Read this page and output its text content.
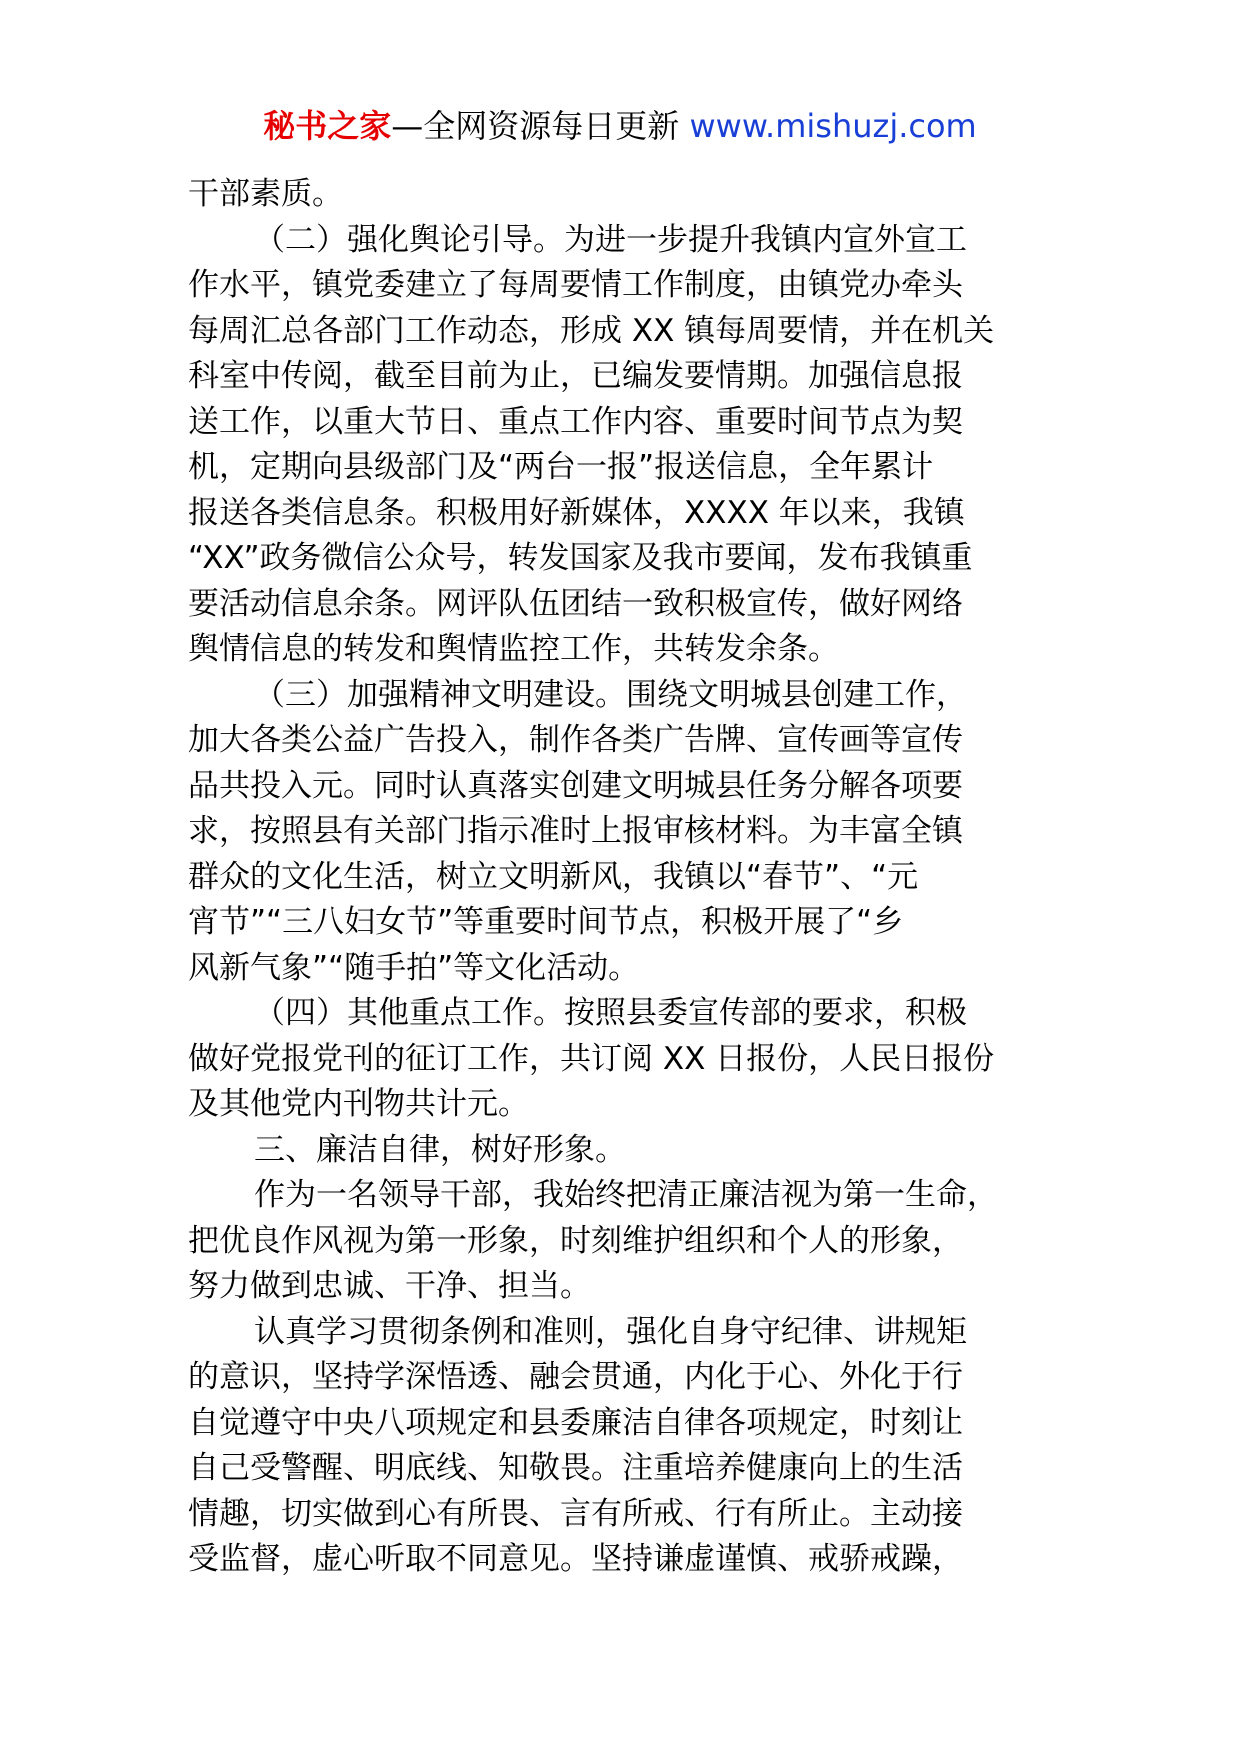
秘书之家—全网资源每日更新 www.mishuzj.com
干部素质。
（二）强化舆论引导。为进一步提升我镇内宣外宣工
作水平，镇党委建立了每周要情工作制度，由镇党办牵头
每周汇总各部门工作动态，形成 XX 镇每周要情，并在机关
科室中传阅，截至目前为止，已编发要情期。加强信息报
送工作，以重大节日、重点工作内容、重要时间节点为契
机，定期向县级部门及“两台一报”报送信息，全年累计
报送各类信息条。积极用好新媒体，XXXX 年以来，我镇
“XX”政务微信公众号，转发国家及我市要闻，发布我镇重
要活动信息余条。网评队伍团结一致积极宣传，做好网络
舆情信息的转发和舆情监控工作，共转发余条。
（三）加强精神文明建设。围绕文明城县创建工作，
加大各类公益广告投入，制作各类广告牌、宣传画等宣传
品共投入元。同时认真落实创建文明城县任务分解各项要
求，按照县有关部门指示准时上报审核材料。为丰富全镇
群众的文化生活，树立文明新风，我镇以“春节”、“元
宵节”“三八妇女节”等重要时间节点，积极开展了“乡
风新气象”“随手拍”等文化活动。
（四）其他重点工作。按照县委宣传部的要求，积极
做好党报党刊的征订工作，共订阅 XX 日报份，人民日报份
及其他党内刊物共计元。
三、廉洁自律，树好形象。
作为一名领导干部，我始终把清正廉洁视为第一生命，
把优良作风视为第一形象，时刻维护组织和个人的形象，
努力做到忠诚、干净、担当。
认真学习贯彻条例和准则，强化自身守纪律、讲规矩
的意识，坚持学深悟透、融会贯通，内化于心、外化于行
自觉遵守中央八项规定和县委廉洁自律各项规定，时刻让
自己受警醒、明底线、知敬畏。注重培养健康向上的生活
情趣，切实做到心有所畏、言有所戒、行有所止。主动接
受监督，虚心听取不同意见。坚持谦虚谨慎、戒骄戒躁，
